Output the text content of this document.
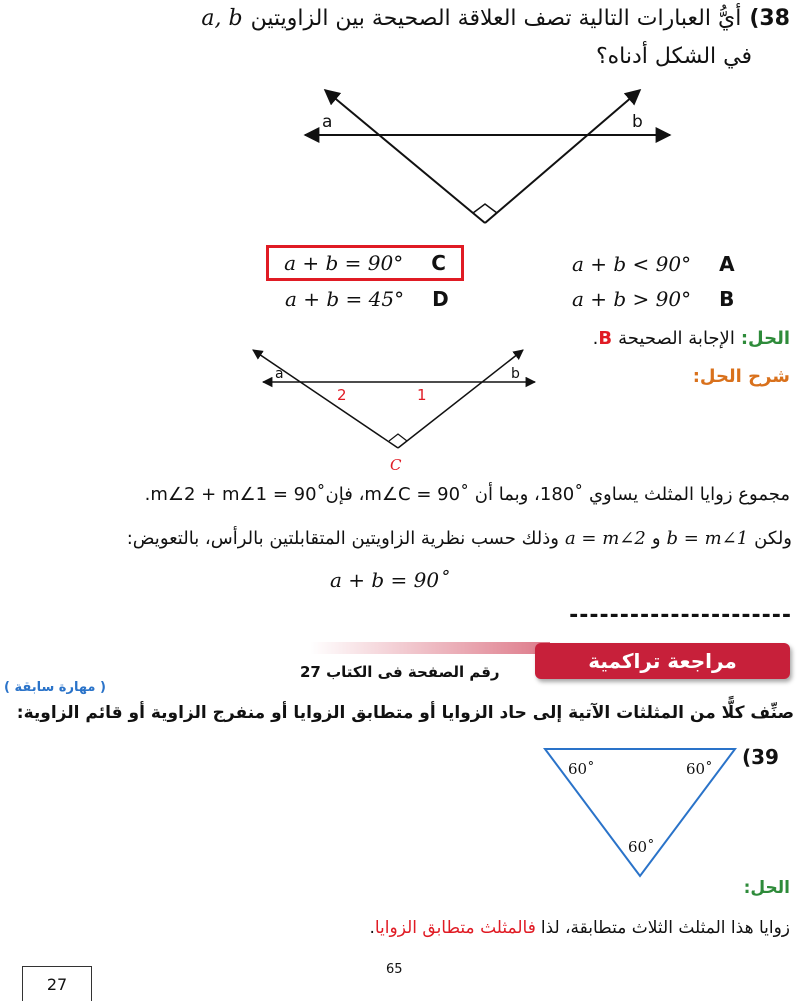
38)
أيُّ العبارات التالية تصف العلاقة الصحيحة بين الزاويتين
a, b
في الشكل أدناه؟
a	b
a + b = 90° C
a + b = 45° D
a + b < 90° A
a + b > 90° B
الحل:
الإجابة الصحيحة
B
.
شرح الحل:
a	b
2	1
C
مجموع زوايا المثلث يساوي ˚180، وبما أن ˚90 = m∠C، فإن˚90 = m∠2 + m∠1.
ولكن
b = m∠1
و
a = m∠2
وذلك حسب نظرية الزاويتين المتقابلتين بالرأس، بالتعويض:
a + b = 90˚
----------------------
مراجعة تراكمية
رقم الصفحة فى الكتاب 27
( مهارة سابقة )
صنِّف كلًّا من المثلثات الآتية إلى حاد الزوايا أو متطابق الزوايا أو منفرج الزاوية أو قائم الزاوية:
(39
60˚	60˚
60˚
الحل:
زوايا هذا المثلث الثلاث متطابقة، لذا
فالمثلث متطابق الزوايا
.
65
27
